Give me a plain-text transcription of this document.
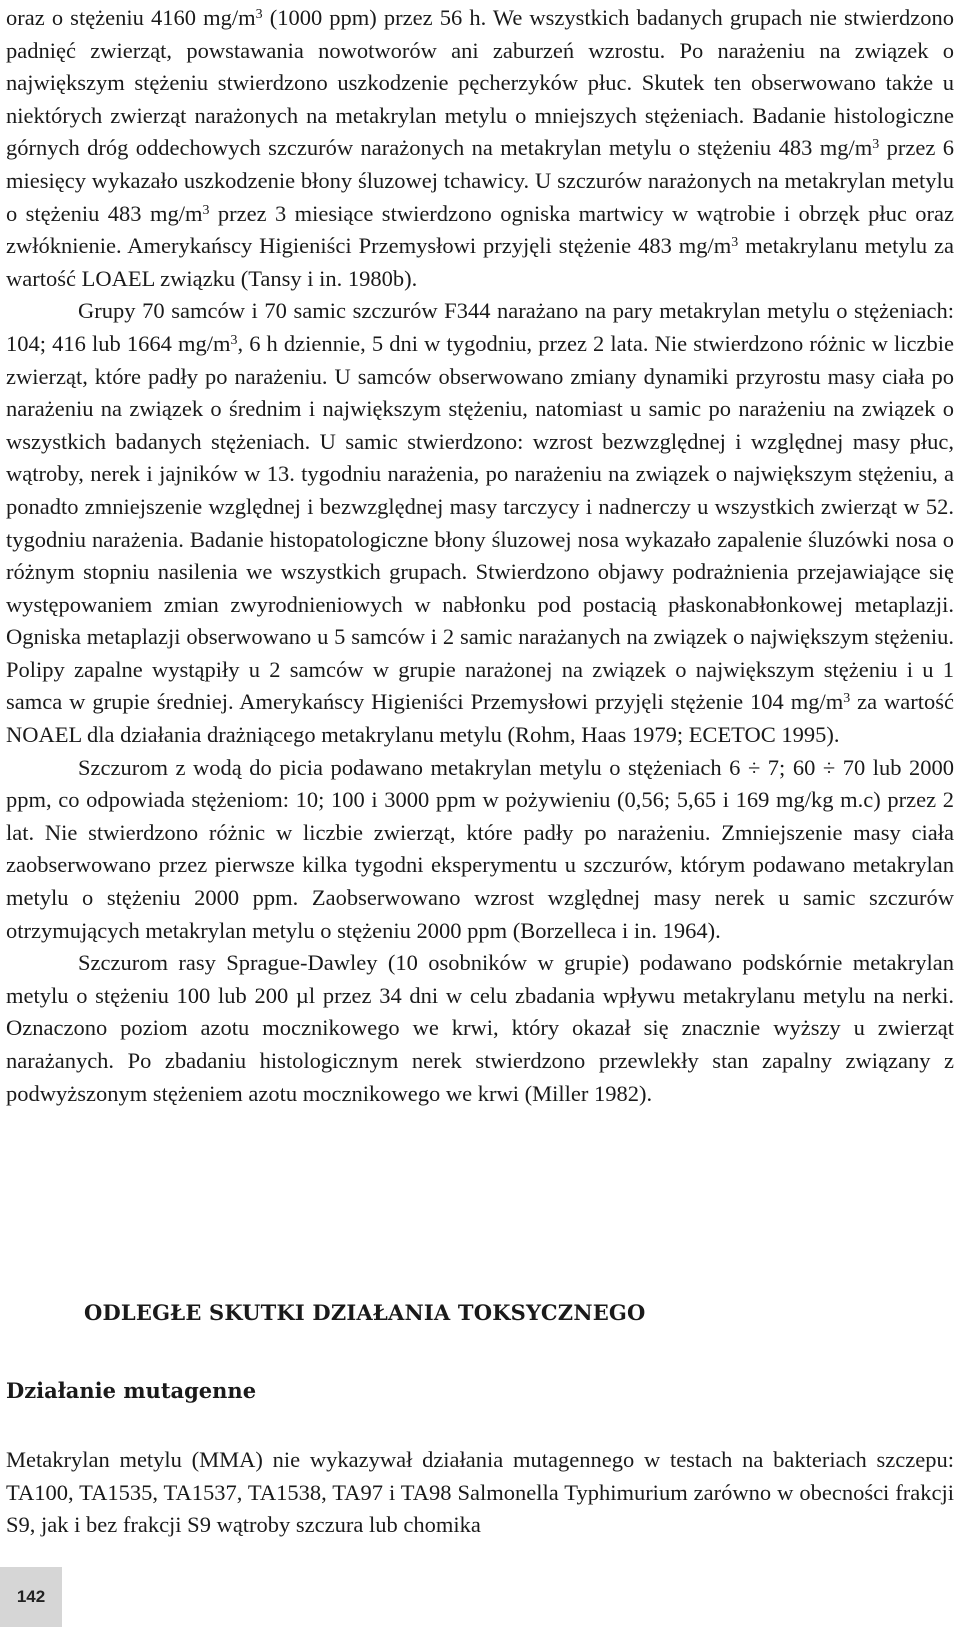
oraz o stężeniu 4160 $mg/m^3$ (1000 ppm) przez 56 h. We wszystkich badanych grupach nie stwierdzono padnięć zwierząt, powstawania nowotworów ani zaburzeń wzrostu. Po narażeniu na związek o największym stężeniu stwierdzono uszkodzenie pęcherzyków płuc. Skutek ten obserwowano także u niektórych zwierząt narażonych na metakrylan metylu o mniejszych stężeniach. Badanie histologiczne górnych dróg oddechowych szczurów narażonych na metakrylan metylu o stężeniu 483 $mg/m^3$ przez 6 miesięcy wykazało uszkodzenie błony śluzowej tchawicy. U szczurów narażonych na metakrylan metylu o stężeniu 483 $mg/m^3$ przez 3 miesiące stwierdzono ogniska martwicy w wątrobie i obrzęk płuc oraz zwłóknienie. Amerykańscy Higieniści Przemysłowi przyjęli stężenie 483 $mg/m^3$ metakrylanu metylu za wartość LOAEL związku (Tansy i in. 1980b).

Grupy 70 samców i 70 samic szczurów F344 narażano na pary metakrylan metylu o stężeniach: 104; 416 lub 1664 $mg/m^3$, 6 h dziennie, 5 dni w tygodniu, przez 2 lata. Nie stwierdzono różnic w liczbie zwierząt, które padły po narażeniu. U samców obserwowano zmiany dynamiki przyrostu masy ciała po narażeniu na związek o średnim i największym stężeniu, natomiast u samic po narażeniu na związek o wszystkich badanych stężeniach. U samic stwierdzono: wzrost bezwzględnej i względnej masy płuc, wątroby, nerek i jajników w 13. tygodniu narażenia, po narażeniu na związek o największym stężeniu, a ponadto zmniejszenie względnej i bezwzględnej masy tarczycy i nadnerczy u wszystkich zwierząt w 52. tygodniu narażenia. Badanie histopatologiczne błony śluzowej nosa wykazało zapalenie śluzówki nosa o różnym stopniu nasilenia we wszystkich grupach. Stwierdzono objawy podrażnienia przejawiające się występowaniem zmian zwyrodnieniowych w nabłonku pod postacią płaskonabłonkowej metaplazji. Ogniska metaplazji obserwowano u 5 samców i 2 samic narażanych na związek o największym stężeniu. Polipy zapalne wystąpiły u 2 samców w grupie narażonej na związek o największym stężeniu i u 1 samca w grupie średniej. Amerykańscy Higieniści Przemysłowi przyjęli stężenie 104 $mg/m^3$ za wartość NOAEL dla działania drażniącego metakrylanu metylu (Rohm, Haas 1979; ECETOC 1995).

Szczurom z wodą do picia podawano metakrylan metylu o stężeniach 6 ÷ 7; 60 ÷ 70 lub 2000 ppm, co odpowiada stężeniom: 10; 100 i 3000 ppm w pożywieniu (0,56; 5,65 i 169 mg/kg m.c) przez 2 lat. Nie stwierdzono różnic w liczbie zwierząt, które padły po narażeniu. Zmniejszenie masy ciała zaobserwowano przez pierwsze kilka tygodni eksperymentu u szczurów, którym podawano metakrylan metylu o stężeniu 2000 ppm. Zaobserwowano wzrost względnej masy nerek u samic szczurów otrzymujących metakrylan metylu o stężeniu 2000 ppm (Borzelleca i in. 1964).

Szczurom rasy Sprague-Dawley (10 osobników w grupie) podawano podskórnie metakrylan metylu o stężeniu 100 lub 200 µl przez 34 dni w celu zbadania wpływu metakrylanu metylu na nerki. Oznaczono poziom azotu mocznikowego we krwi, który okazał się znacznie wyższy u zwierząt narażanych. Po zbadaniu histologicznym nerek stwierdzono przewlekły stan zapalny związany z podwyższonym stężeniem azotu mocznikowego we krwi (Miller 1982).

ODLEGŁE SKUTKI DZIAŁANIA TOKSYCZNEGO
Działanie mutagenne

Metakrylan metylu (MMA) nie wykazywał działania mutagennego w testach na bakteriach szczepu: TA100, TA1535, TA1537, TA1538, TA97 i TA98 Salmonella Typhimurium zarówno w obecności frakcji S9, jak i bez frakcji S9 wątroby szczura lub chomika

142
